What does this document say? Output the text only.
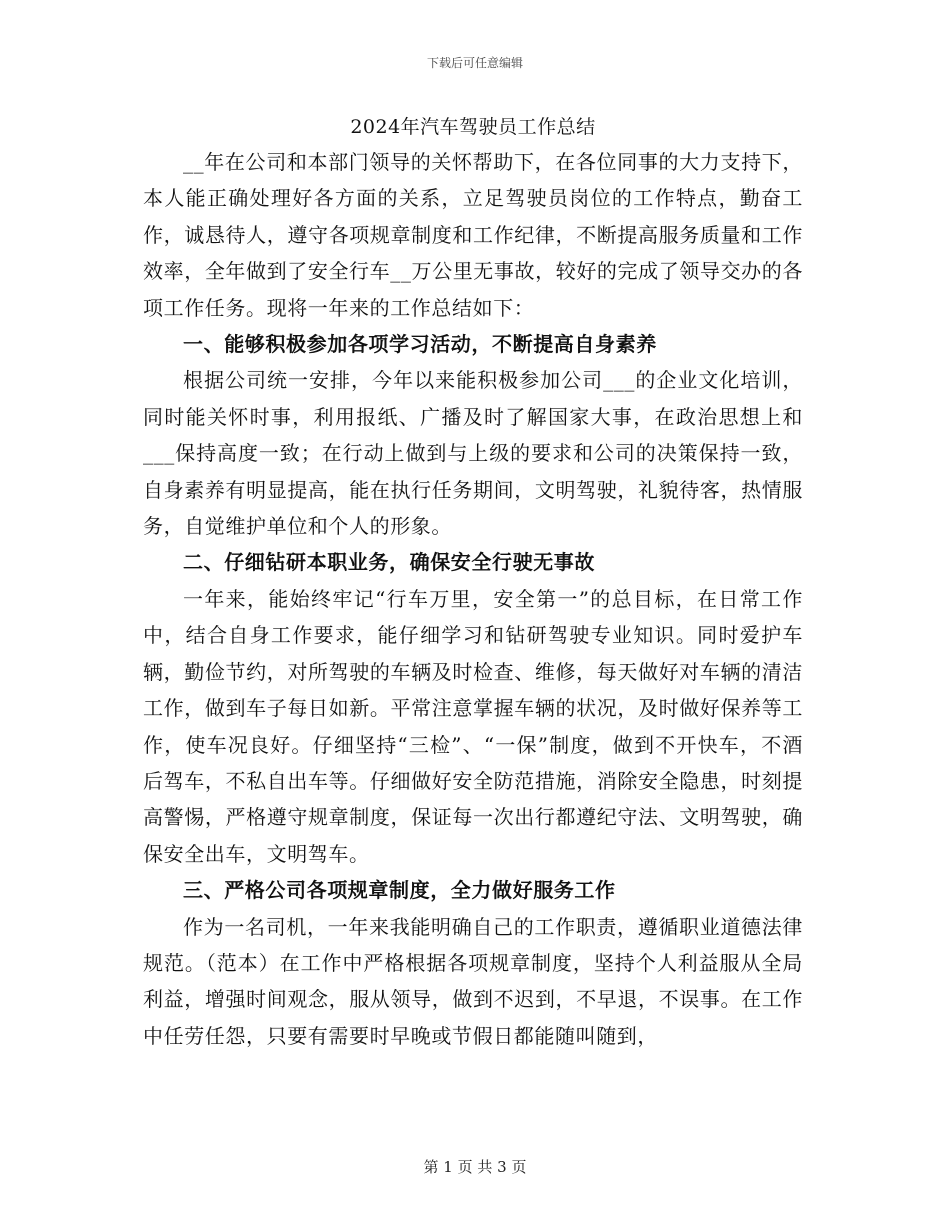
下载后可任意编辑
2024年汽车驾驶员工作总结

__年在公司和本部门领导的关怀帮助下，在各位同事的大力支持下，本人能正确处理好各方面的关系，立足驾驶员岗位的工作特点，勤奋工作，诚恳待人，遵守各项规章制度和工作纪律，不断提高服务质量和工作效率，全年做到了安全行车__万公里无事故，较好的完成了领导交办的各项工作任务。现将一年来的工作总结如下：

一、能够积极参加各项学习活动，不断提高自身素养

根据公司统一安排，今年以来能积极参加公司___的企业文化培训，同时能关怀时事，利用报纸、广播及时了解国家大事，在政治思想上和___保持高度一致；在行动上做到与上级的要求和公司的决策保持一致，自身素养有明显提高，能在执行任务期间，文明驾驶，礼貌待客，热情服务，自觉维护单位和个人的形象。

二、仔细钻研本职业务，确保安全行驶无事故

一年来，能始终牢记“行车万里，安全第一”的总目标，在日常工作中，结合自身工作要求，能仔细学习和钻研驾驶专业知识。同时爱护车辆，勤俭节约，对所驾驶的车辆及时检查、维修，每天做好对车辆的清洁工作，做到车子每日如新。平常注意掌握车辆的状况，及时做好保养等工作，使车况良好。仔细坚持“三检”、“一保”制度，做到不开快车，不酒后驾车，不私自出车等。仔细做好安全防范措施，消除安全隐患，时刻提高警惕，严格遵守规章制度，保证每一次出行都遵纪守法、文明驾驶，确保安全出车，文明驾车。

三、严格公司各项规章制度，全力做好服务工作

作为一名司机，一年来我能明确自己的工作职责，遵循职业道德法律规范。（范本）在工作中严格根据各项规章制度，坚持个人利益服从全局利益，增强时间观念，服从领导，做到不迟到，不早退，不误事。在工作中任劳任怨，只要有需要时早晚或节假日都能随叫随到，

第 1 页 共 3 页
